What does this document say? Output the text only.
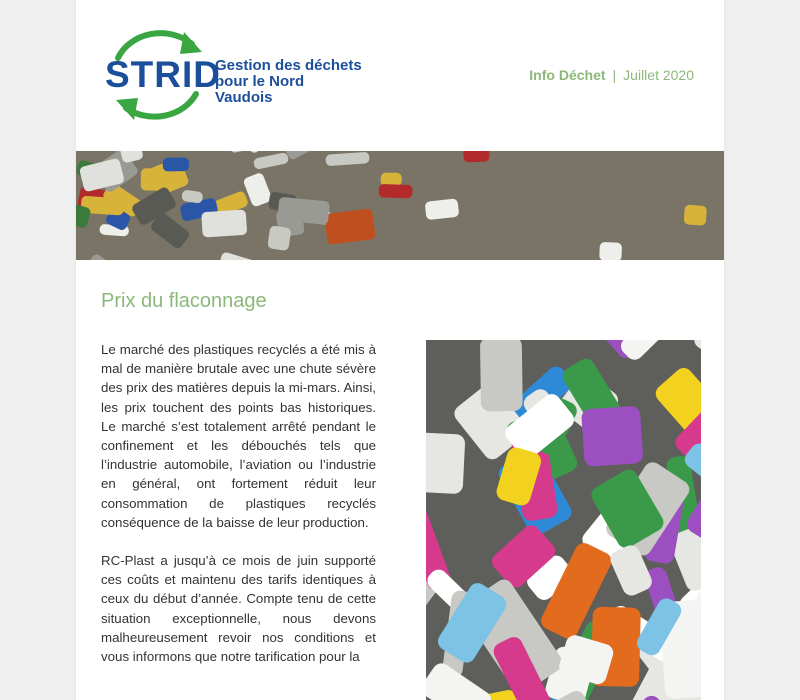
STRID
Gestion des déchets
pour le Nord Vaudois
Info Déchet | Juillet 2020
Prix du flaconnage

Le marché des plastiques recyclés a été mis à mal de manière brutale avec une chute sévère des prix des matières depuis la mi-mars. Ainsi, les prix touchent des points bas historiques. Le marché s’est totalement arrêté pendant le confinement et les débouchés tels que l’industrie automobile, l’aviation ou l’industrie en général, ont fortement réduit leur consommation de plastiques recyclés conséquence de la baisse de leur production.

RC-Plast a jusqu’à ce mois de juin supporté ces coûts et maintenu des tarifs identiques à ceux du début d’année. Compte tenu de cette situation exceptionnelle, nous devons malheureusement revoir nos conditions et vous informons que notre tarification pour la
